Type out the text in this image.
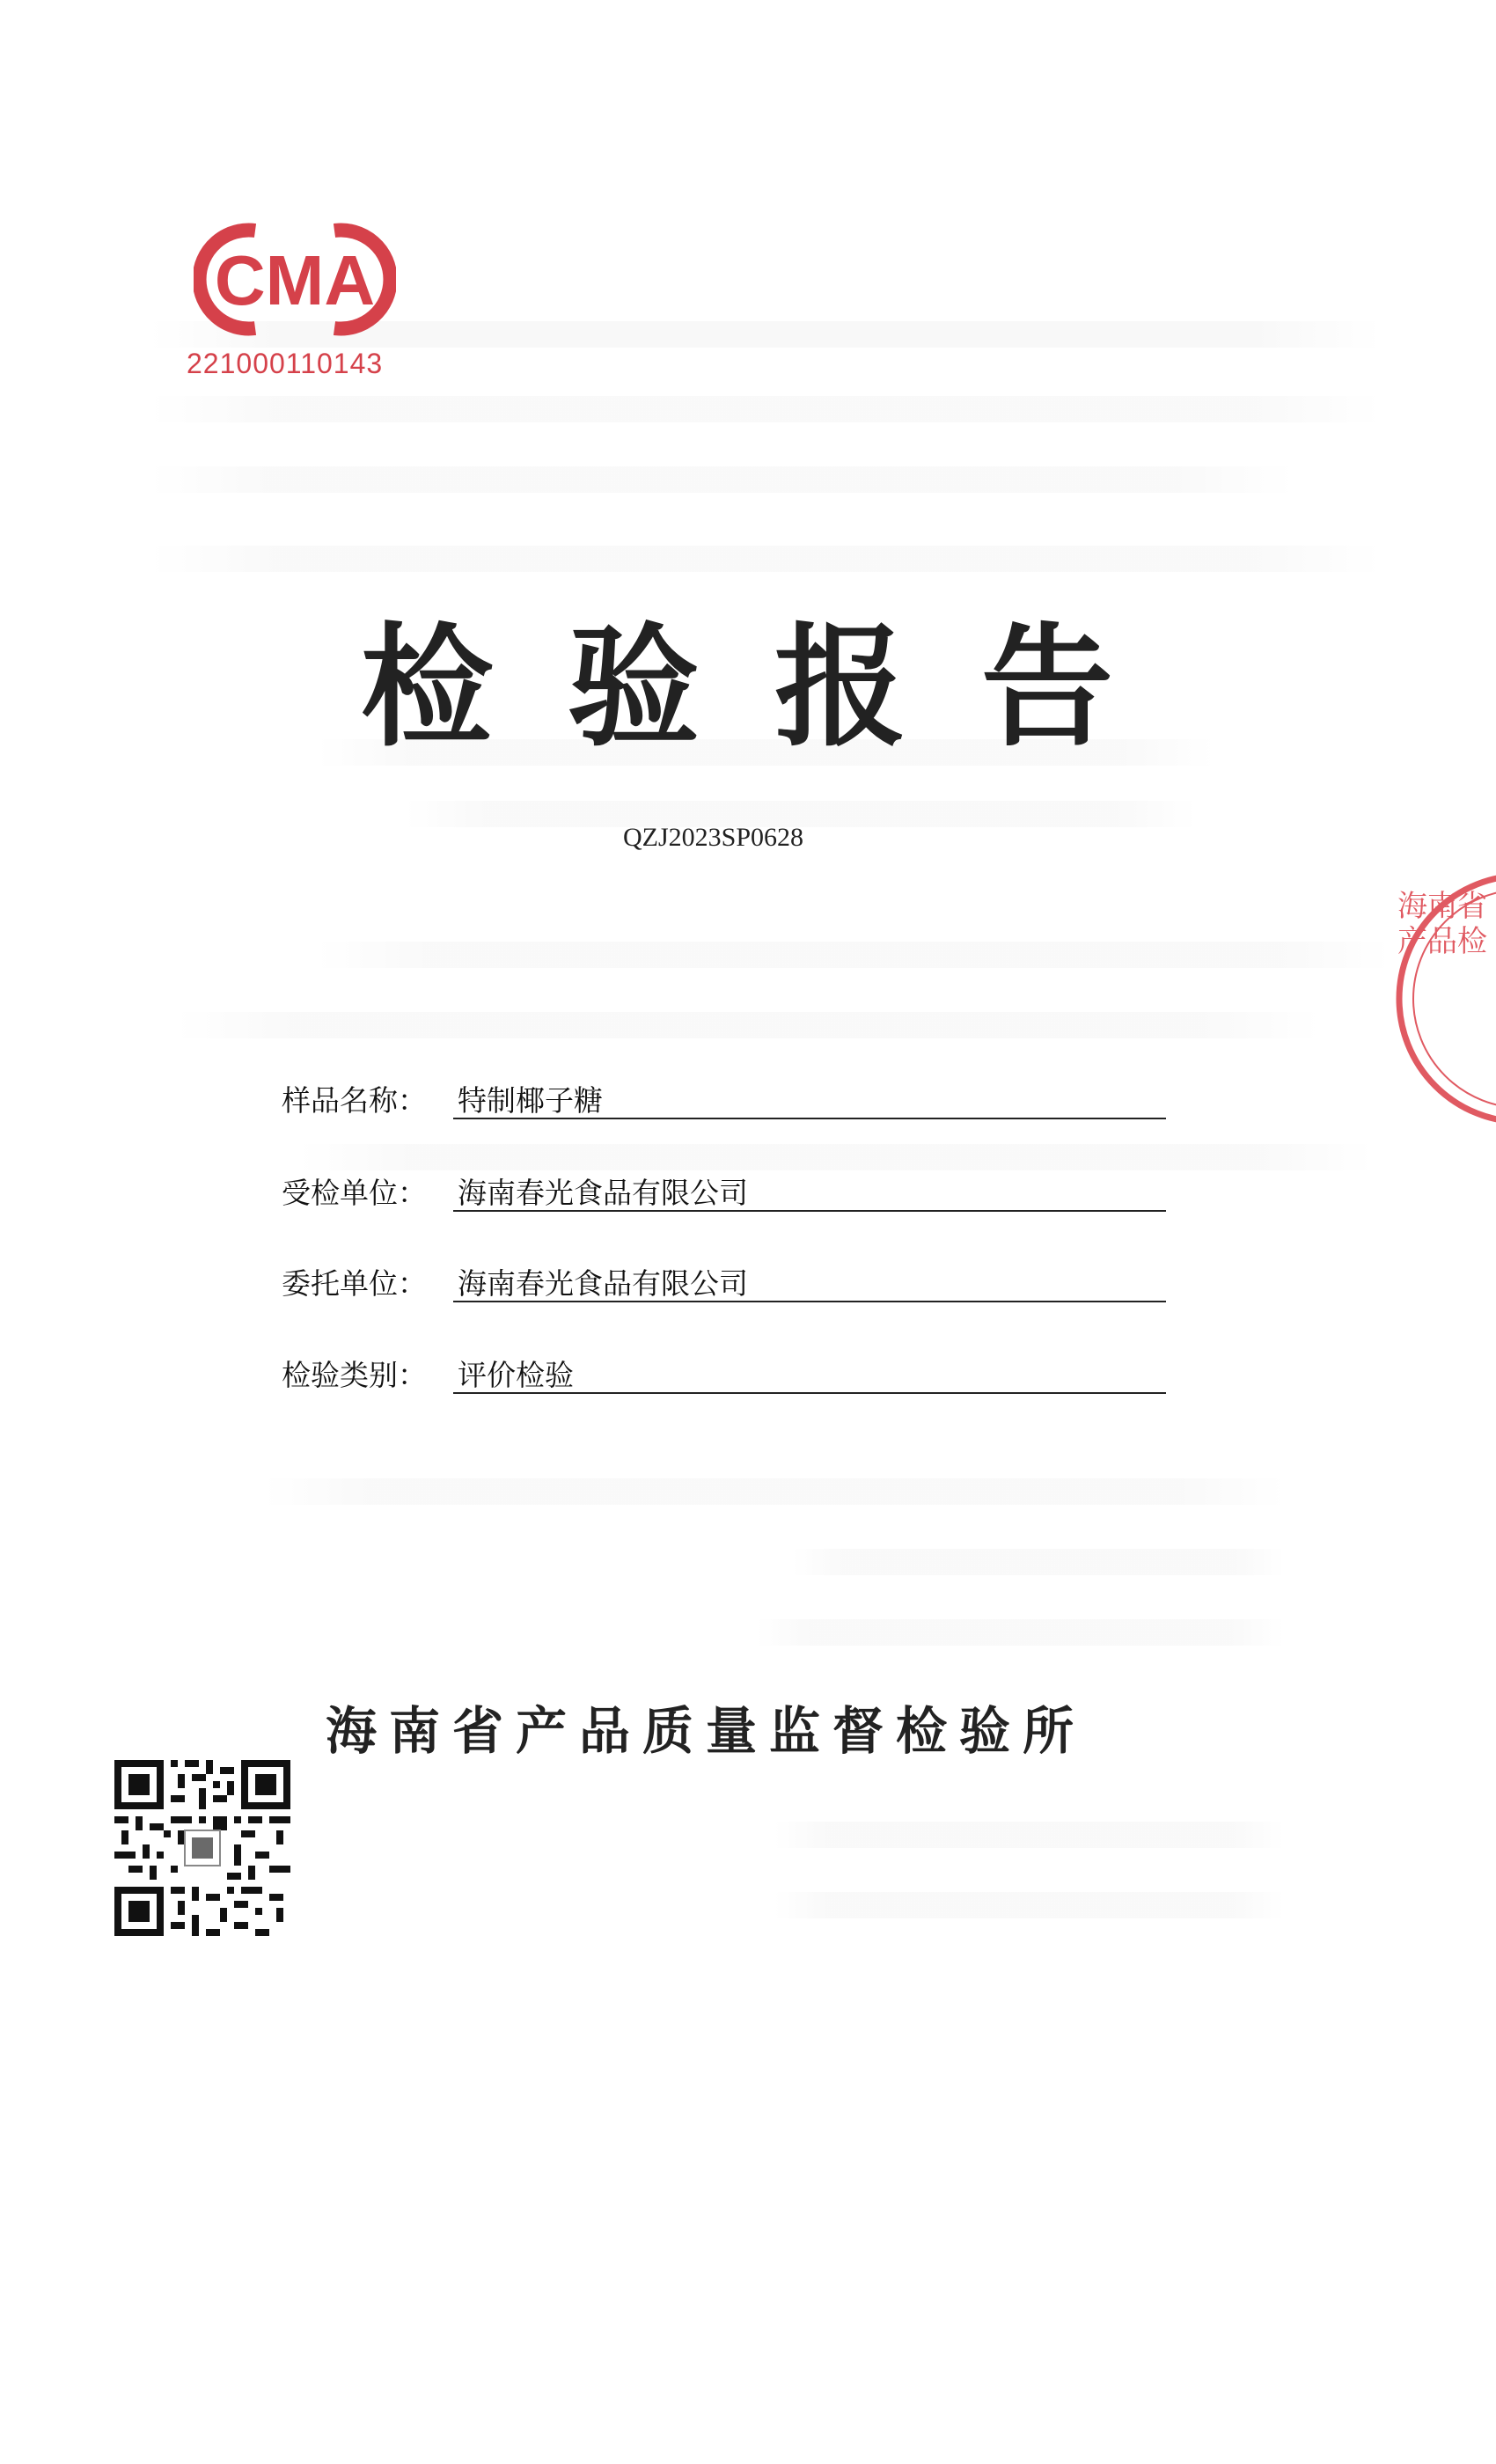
CMA
221000110143
检验报告
QZJ2023SP0628
样品名称： 特制椰子糖
受检单位： 海南春光食品有限公司
委托单位： 海南春光食品有限公司
检验类别： 评价检验
海南省产品质量监督检验所
海南省产品检
